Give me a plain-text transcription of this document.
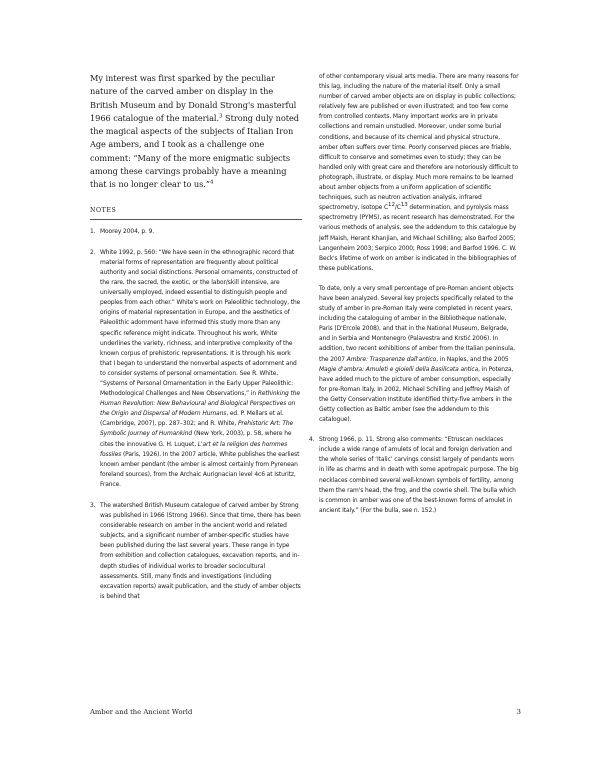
My interest was first sparked by the peculiar nature of the carved amber on display in the British Museum and by Donald Strong's masterful 1966 catalogue of the material.$^3$ Strong duly noted the magical aspects of the subjects of Italian Iron Age ambers, and I took as a challenge one comment: “Many of the more enigmatic subjects among these carvings probably have a meaning that is no longer clear to us.”$^4$

NOTES
1. Moorey 2004, p. 9.
2. White 1992, p. 560: “We have seen in the ethnographic record that material forms of representation are frequently about political authority and social distinctions. Personal ornaments, constructed of the rare, the sacred, the exotic, or the labor/skill intensive, are universally employed, indeed essential to distinguish people and peoples from each other.” White's work on Paleolithic technology, the origins of material representation in Europe, and the aesthetics of Paleolithic adornment have informed this study more than any specific reference might indicate. Throughout his work, White underlines the variety, richness, and interpretive complexity of the known corpus of prehistoric representations. It is through his work that I began to understand the nonverbal aspects of adornment and to consider systems of personal ornamentation. See R. White, “Systems of Personal Ornamentation in the Early Upper Paleolithic: Methodological Challenges and New Observations,” in Rethinking the Human Revolution: New Behavioural and Biological Perspectives on the Origin and Dispersal of Modern Humans, ed. P. Mellars et al. (Cambridge, 2007), pp. 287–302; and R. White, Prehistoric Art: The Symbolic Journey of Humankind (New York, 2003), p. 58, where he cites the innovative G. H. Luquet, L'art et la religion des hommes fossiles (Paris, 1926). In the 2007 article, White publishes the earliest known amber pendant (the amber is almost certainly from Pyrenean foreland sources), from the Archaic Aurignacian level 4c6 at Isturitz, France.
3. The watershed British Museum catalogue of carved amber by Strong was published in 1966 (Strong 1966). Since that time, there has been considerable research on amber in the ancient world and related subjects, and a significant number of amber-specific studies have been published during the last several years. These range in type from exhibition and collection catalogues, excavation reports, and in-depth studies of individual works to broader sociocultural assessments. Still, many finds and investigations (including excavation reports) await publication, and the study of amber objects is behind that

of other contemporary visual arts media. There are many reasons for this lag, including the nature of the material itself. Only a small number of carved amber objects are on display in public collections; relatively few are published or even illustrated; and too few come from controlled contexts. Many important works are in private collections and remain unstudied. Moreover, under some burial conditions, and because of its chemical and physical structure, amber often suffers over time. Poorly conserved pieces are friable, difficult to conserve and sometimes even to study; they can be handled only with great care and therefore are notoriously difficult to photograph, illustrate, or display. Much more remains to be learned about amber objects from a uniform application of scientific techniques, such as neutron activation analysis, infrared spectrometry, isotope $C^{12}/C^{13}$ determination, and pyrolysis mass spectrometry (PYMS), as recent research has demonstrated. For the various methods of analysis, see the addendum to this catalogue by Jeff Maish, Herant Khanjian, and Michael Schilling; also Barfod 2005; Langenheim 2003; Serpico 2000; Ross 1998; and Barfod 1996. C. W. Beck's lifetime of work on amber is indicated in the bibliographies of these publications.

To date, only a very small percentage of pre-Roman ancient objects have been analyzed. Several key projects specifically related to the study of amber in pre-Roman Italy were completed in recent years, including the cataloguing of amber in the Bibliothèque nationale, Paris (D'Ercole 2008), and that in the National Museum, Belgrade, and in Serbia and Montenegro (Palavestra and Krstić 2006). In addition, two recent exhibitions of amber from the Italian peninsula, the 2007 Ambre: Trasparenze dall'antico, in Naples, and the 2005 Magie d'ambra: Amuleti e gioielli della Basilicata antica, in Potenza, have added much to the picture of amber consumption, especially for pre-Roman Italy. In 2002, Michael Schilling and Jeffrey Maish of the Getty Conservation Institute identified thirty-five ambers in the Getty collection as Baltic amber (see the addendum to this catalogue).

4. Strong 1966, p. 11. Strong also comments: “Etruscan necklaces include a wide range of amulets of local and foreign derivation and the whole series of ‘Italic’ carvings consist largely of pendants worn in life as charms and in death with some apotropaic purpose. The big necklaces combined several well-known symbols of fertility, among them the ram's head, the frog, and the cowrie shell. The bulla which is common in amber was one of the best-known forms of amulet in ancient Italy.” (For the bulla, see n. 152.)
Amber and the Ancient World	3
